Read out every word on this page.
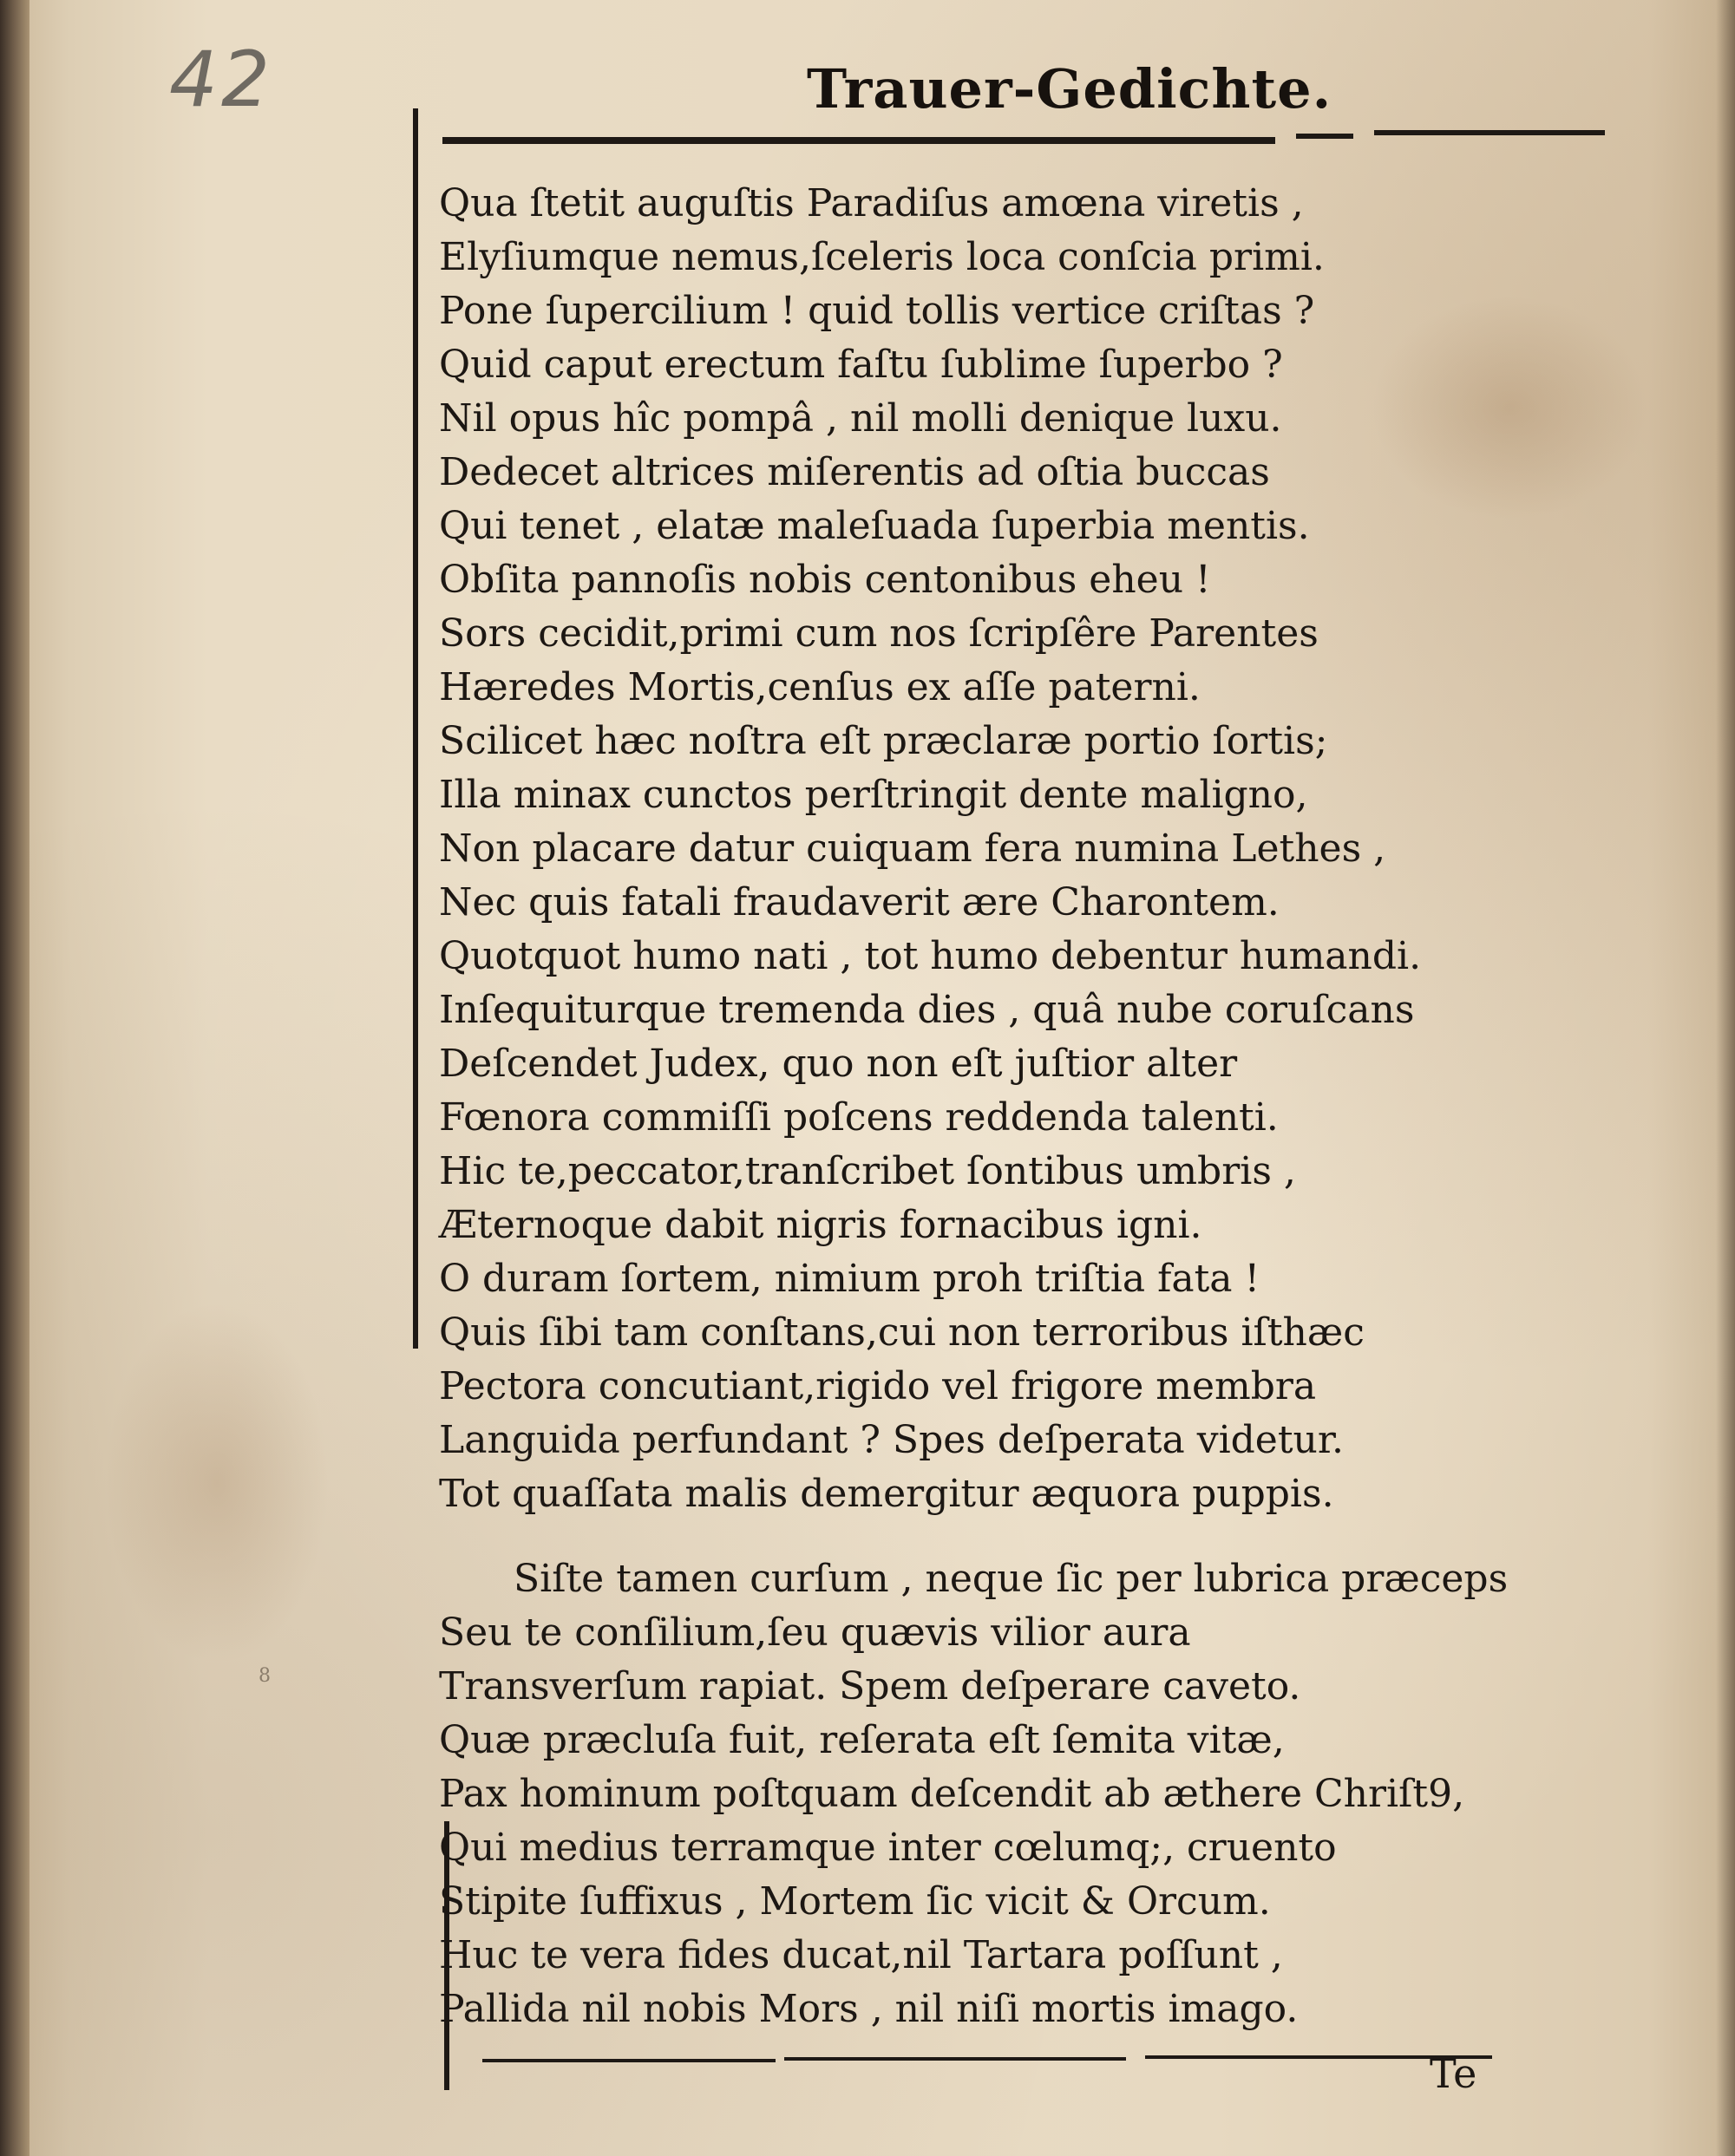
42	Trauer-Gedichte.
Qua ſtetit auguſtis Paradiſus amœna viretis ,
Elyſiumque nemus,ſceleris loca conſcia primi.
Pone ſupercilium ! quid tollis vertice criſtas ?
Quid caput erectum faſtu ſublime ſuperbo ?
Nil opus hîc pompâ , nil molli denique luxu.
Dedecet altrices miſerentis ad oſtia buccas
Qui tenet , elatæ maleſuada ſuperbia mentis.
Obſita pannoſis nobis centonibus eheu !
Sors cecidit,primi cum nos ſcripſêre Parentes
Hæredes Mortis,cenſus ex aſſe paterni.
Scilicet hæc noſtra eſt præclaræ portio ſortis;
Illa minax cunctos perſtringit dente maligno,
Non placare datur cuiquam fera numina Lethes ,
Nec quis fatali fraudaverit ære Charontem.
Quotquot humo nati , tot humo debentur humandi.
Inſequiturque tremenda dies , quâ nube coruſcans
Deſcendet Judex, quo non eſt juſtior alter
Fœnora commiſſi poſcens reddenda talenti.
Hic te,peccator,tranſcribet ſontibus umbris ,
Æternoque dabit nigris fornacibus igni.
O duram ſortem, nimium proh triſtia fata !
Quis ſibi tam conſtans,cui non terroribus iſthæc
Pectora concutiant,rigido vel frigore membra
Languida perfundant ? Spes deſperata videtur.
Tot quaſſata malis demergitur æquora puppis.
Siſte tamen curſum , neque ſic per lubrica præceps
Seu te conſilium,ſeu quævis vilior aura
Transverſum rapiat. Spem deſperare caveto.
Quæ præcluſa fuit, reſerata eſt ſemita vitæ,
Pax hominum poſtquam deſcendit ab æthere Chriſt9,
Qui medius terramque inter cœlumq;, cruento
Stipite ſuffixus , Mortem ſic vicit & Orcum.
Huc te vera fides ducat,nil Tartara poſſunt ,
Pallida nil nobis Mors , nil niſi mortis imago.
8
Te
